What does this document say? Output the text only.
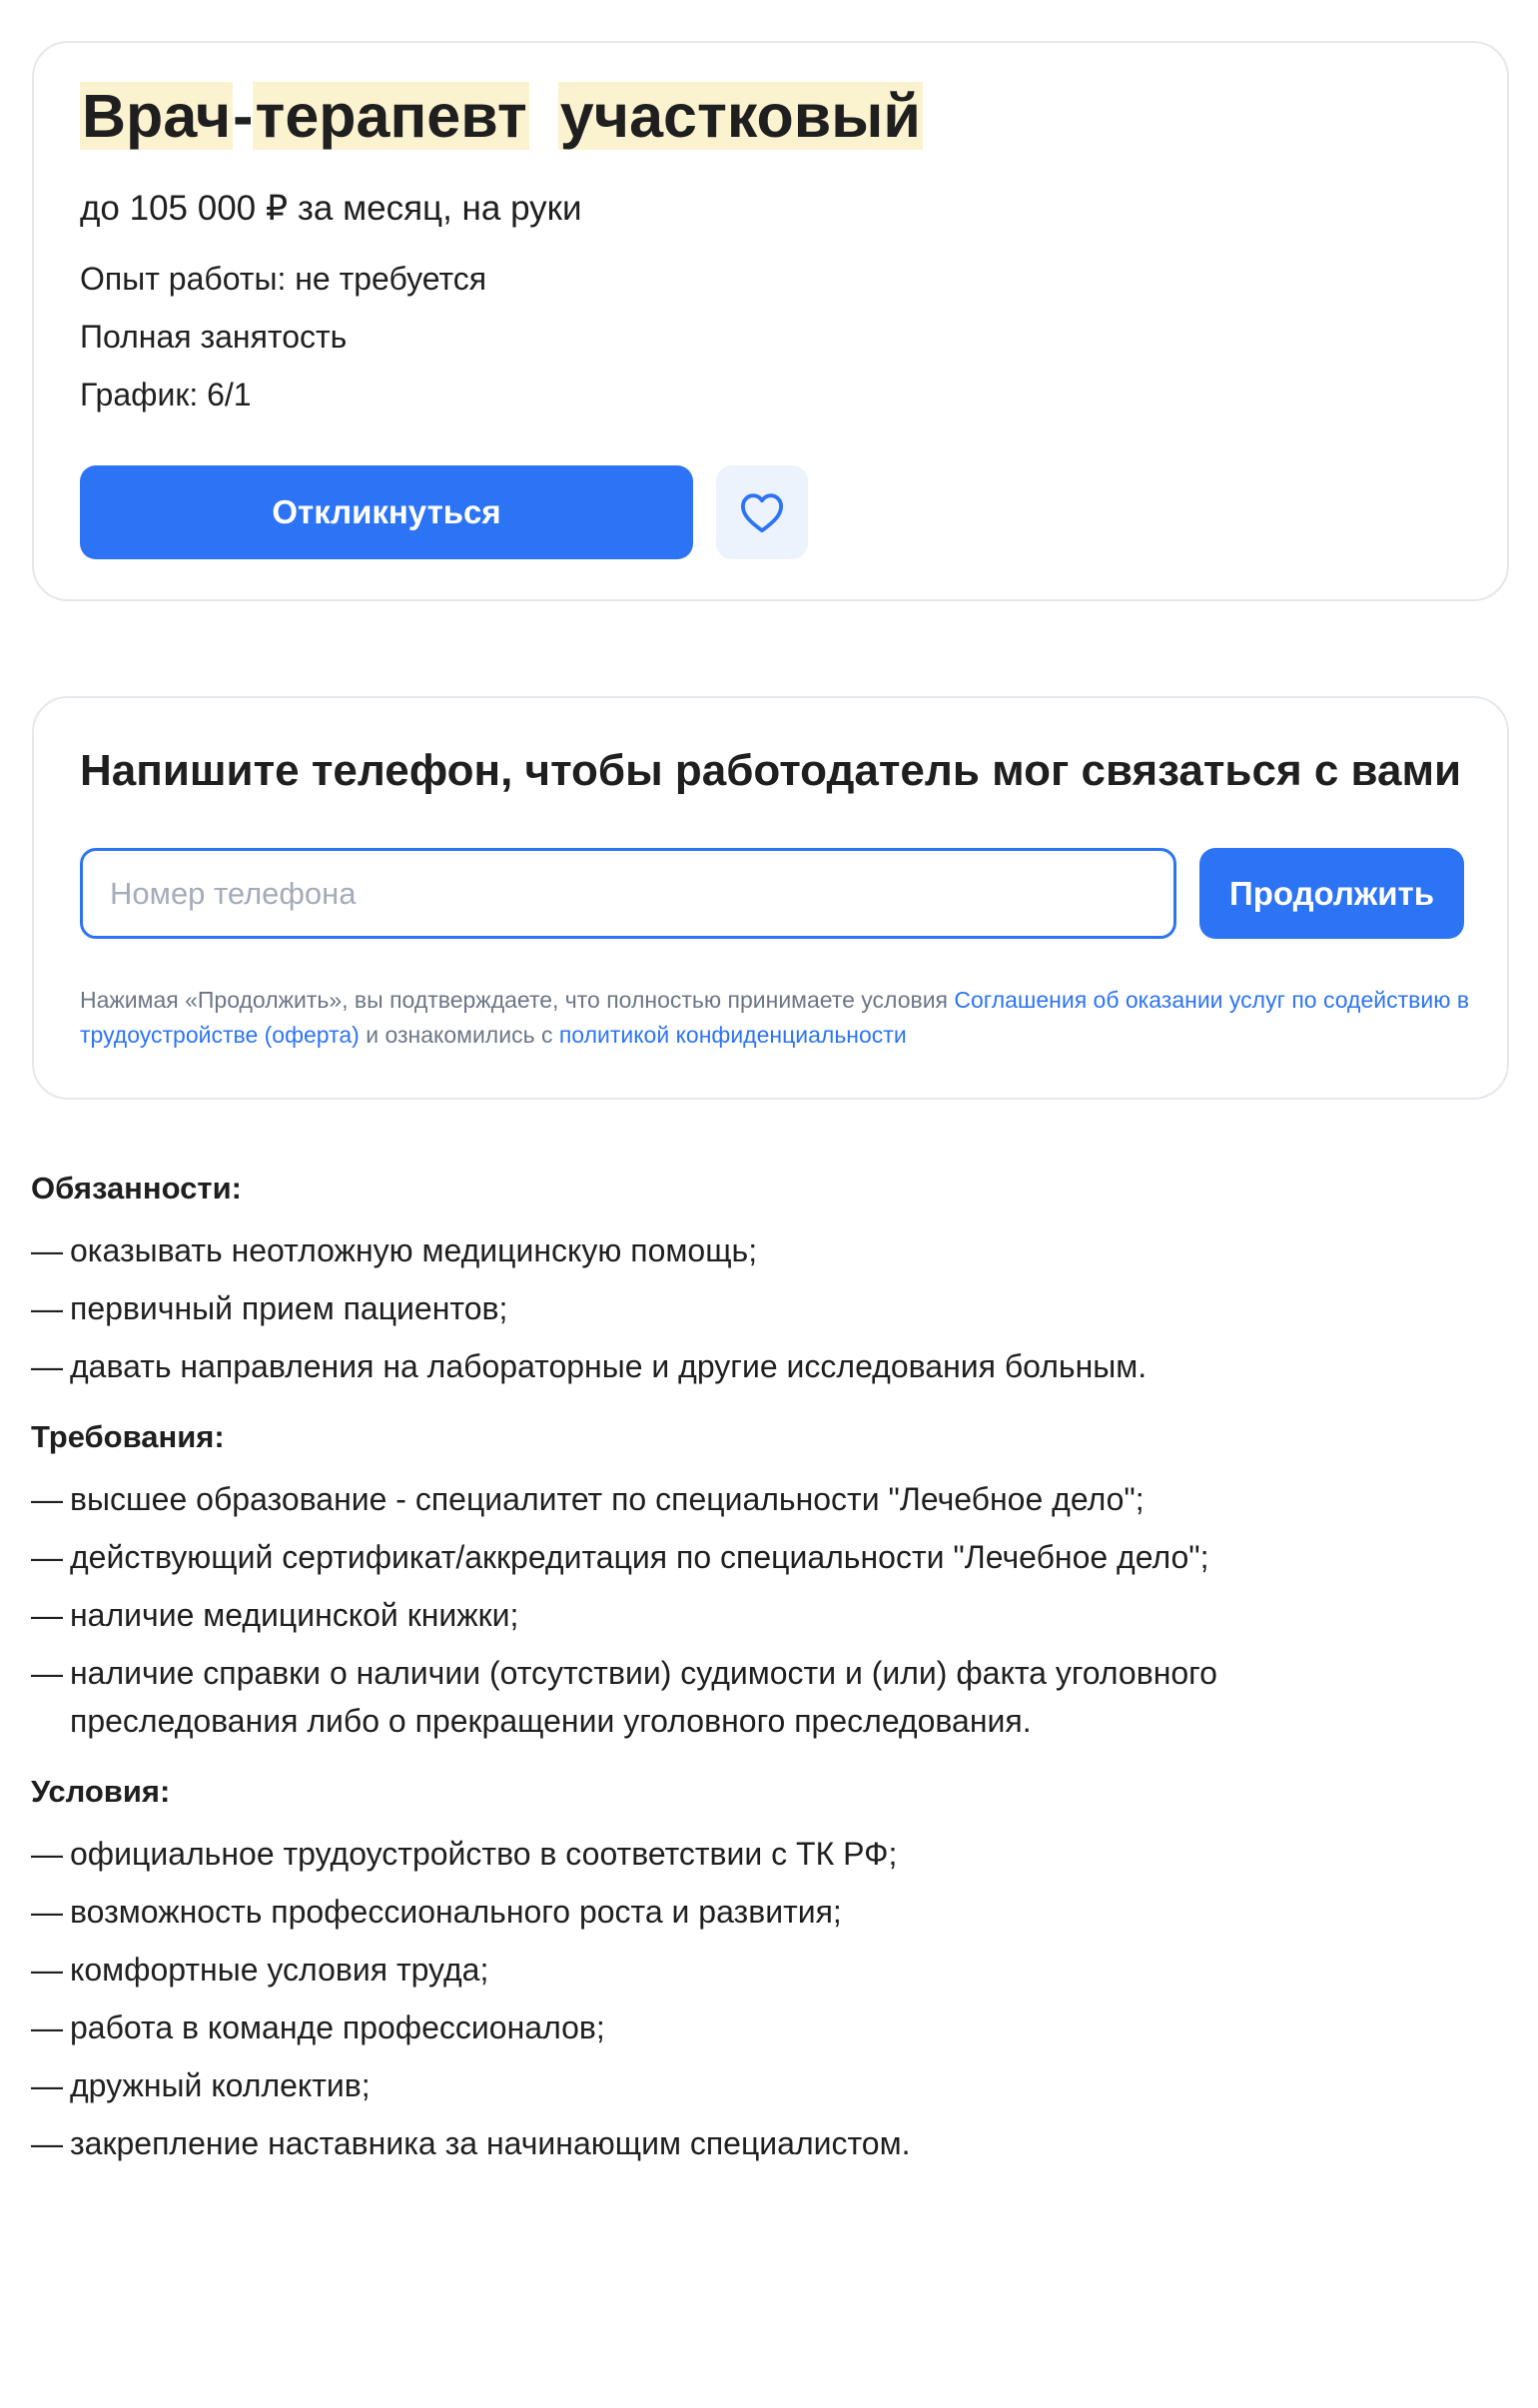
Врач-терапевт участковый
до 105 000 ₽ за месяц, на руки
Опыт работы: не требуется
Полная занятость
График: 6/1
Откликнуться
Напишите телефон, чтобы работодатель мог связаться с вами
Номер телефона
Продолжить

Нажимая «Продолжить», вы подтверждаете, что полностью принимаете условия Соглашения об оказании услуг по содействию в трудоустройстве (оферта) и ознакомились с политикой конфиденциальности

Обязанности:
— оказывать неотложную медицинскую помощь;
— первичный прием пациентов;
— давать направления на лабораторные и другие исследования больным.
Требования:
— высшее образование - специалитет по специальности "Лечебное дело";
— действующий сертификат/аккредитация по специальности "Лечебное дело";
— наличие медицинской книжки;
— наличие справки о наличии (отсутствии) судимости и (или) факта уголовного преследования либо о прекращении уголовного преследования.
Условия:
— официальное трудоустройство в соответствии с ТК РФ;
— возможность профессионального роста и развития;
— комфортные условия труда;
— работа в команде профессионалов;
— дружный коллектив;
— закрепление наставника за начинающим специалистом.
